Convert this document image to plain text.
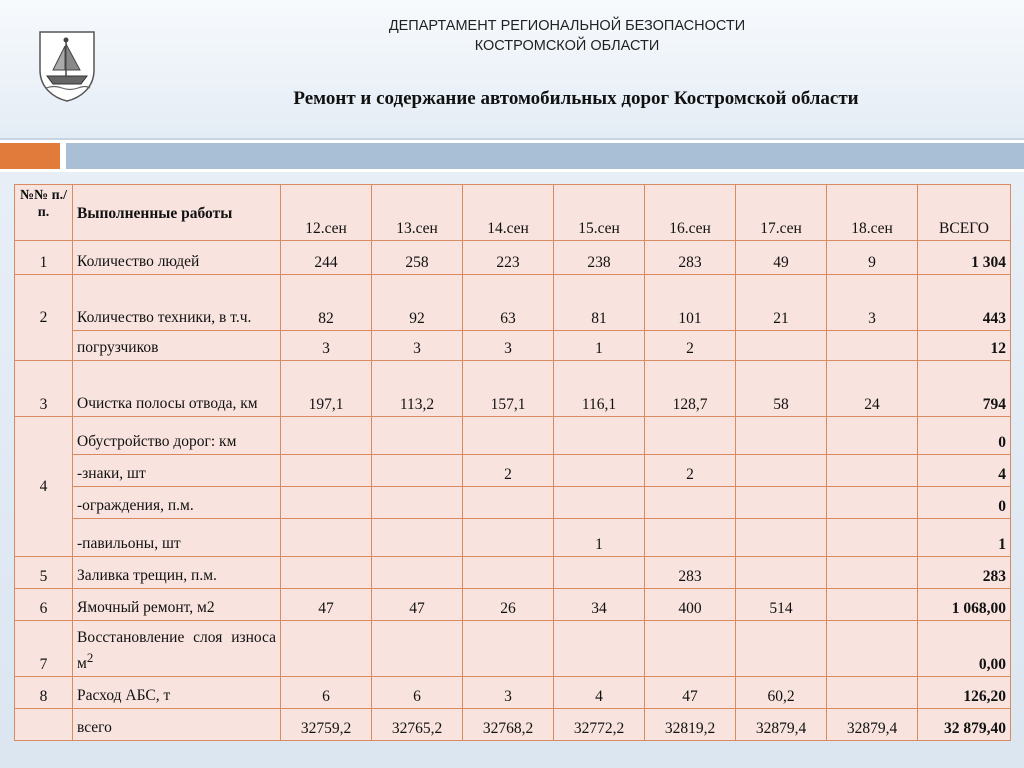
ДЕПАРТАМЕНТ РЕГИОНАЛЬНОЙ БЕЗОПАСНОСТИ
КОСТРОМСКОЙ ОБЛАСТИ
Ремонт и содержание автомобильных дорог Костромской области
№№ п./п.	Выполненные работы	12.сен	13.сен	14.сен	15.сен	16.сен	17.сен	18.сен	ВСЕГО
1	Количество людей	244	258	223	238	283	49	9	1 304
2	Количество техники, в т.ч.	82	92	63	81	101	21	3	443
	погрузчиков	3	3	3	1	2			12
3	Очистка полосы отвода, км	197,1	113,2	157,1	116,1	128,7	58	24	794
4	Обустройство дорог: км								0
	-знаки, шт			2		2			4
	-ограждения, п.м.								0
	-павильоны, шт				1				1
5	Заливка трещин, п.м.					283			283
6	Ямочный ремонт, м2	47	47	26	34	400	514		1 068,00
7	Восстановление слоя износа $м^2$								0,00
8	Расход АБС, т	6	6	3	4	47	60,2		126,20
	всего	32759,2	32765,2	32768,2	32772,2	32819,2	32879,4	32879,4	32 879,40
